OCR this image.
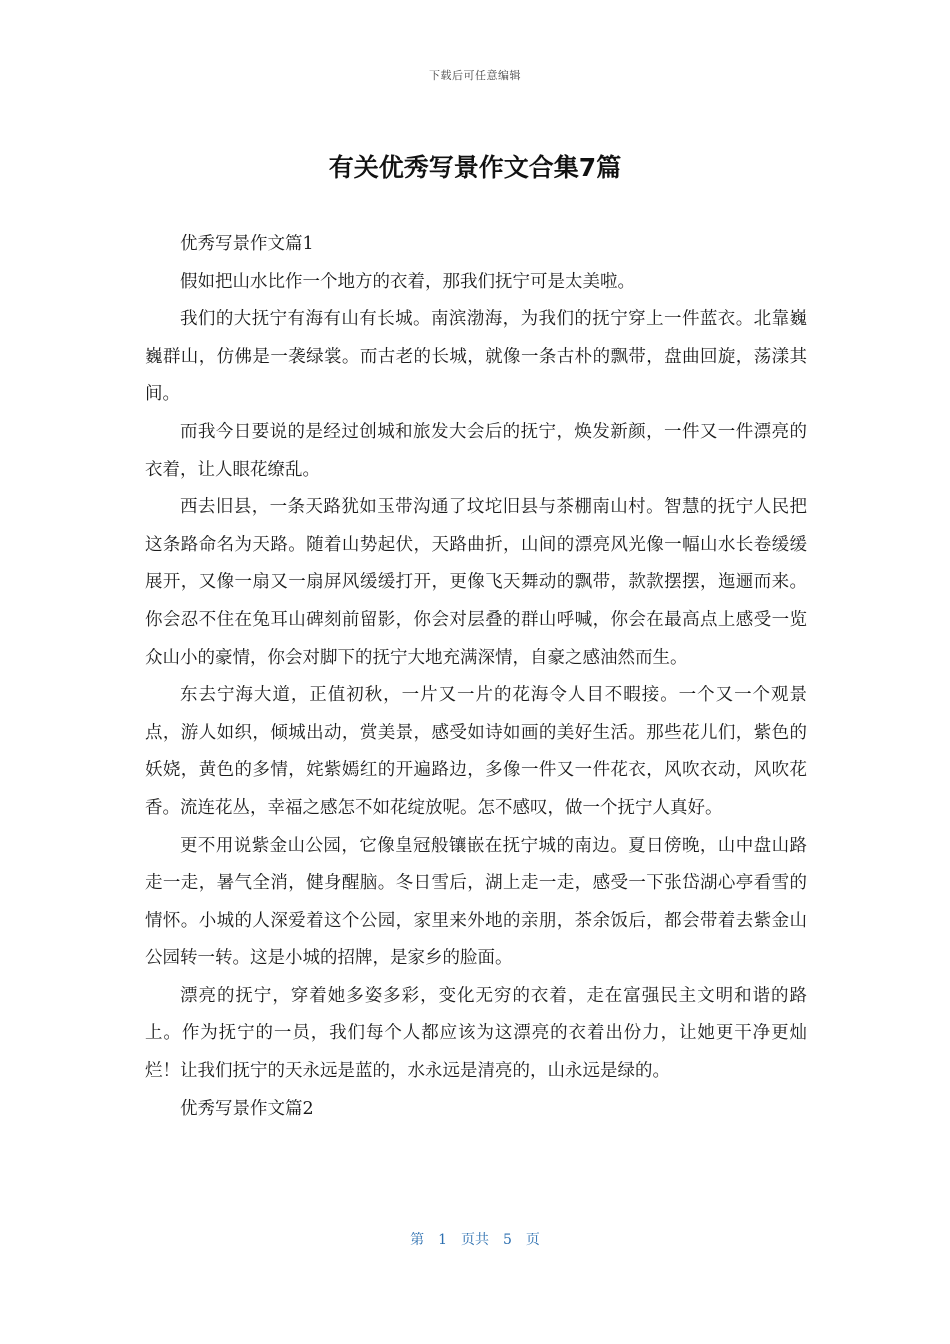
下载后可任意编辑
有关优秀写景作文合集7篇

优秀写景作文篇1

假如把山水比作一个地方的衣着，那我们抚宁可是太美啦。

我们的大抚宁有海有山有长城。南滨渤海，为我们的抚宁穿上一件蓝衣。北靠巍巍群山，仿佛是一袭绿裳。而古老的长城，就像一条古朴的飘带，盘曲回旋，荡漾其间。

而我今日要说的是经过创城和旅发大会后的抚宁，焕发新颜，一件又一件漂亮的衣着，让人眼花缭乱。

西去旧县，一条天路犹如玉带沟通了坟坨旧县与茶棚南山村。智慧的抚宁人民把这条路命名为天路。随着山势起伏，天路曲折，山间的漂亮风光像一幅山水长卷缓缓展开，又像一扇又一扇屏风缓缓打开，更像飞天舞动的飘带，款款摆摆，迤逦而来。你会忍不住在兔耳山碑刻前留影，你会对层叠的群山呼喊，你会在最高点上感受一览众山小的豪情，你会对脚下的抚宁大地充满深情，自豪之感油然而生。

东去宁海大道，正值初秋，一片又一片的花海令人目不暇接。一个又一个观景点，游人如织，倾城出动，赏美景，感受如诗如画的美好生活。那些花儿们，紫色的妖娆，黄色的多情，姹紫嫣红的开遍路边，多像一件又一件花衣，风吹衣动，风吹花香。流连花丛，幸福之感怎不如花绽放呢。怎不感叹，做一个抚宁人真好。

更不用说紫金山公园，它像皇冠般镶嵌在抚宁城的南边。夏日傍晚，山中盘山路走一走，暑气全消，健身醒脑。冬日雪后，湖上走一走，感受一下张岱湖心亭看雪的情怀。小城的人深爱着这个公园，家里来外地的亲朋，茶余饭后，都会带着去紫金山公园转一转。这是小城的招牌，是家乡的脸面。

漂亮的抚宁，穿着她多姿多彩，变化无穷的衣着，走在富强民主文明和谐的路上。作为抚宁的一员，我们每个人都应该为这漂亮的衣着出份力，让她更干净更灿烂！让我们抚宁的天永远是蓝的，水永远是清亮的，山永远是绿的。

优秀写景作文篇2

第 1 页共 5 页
